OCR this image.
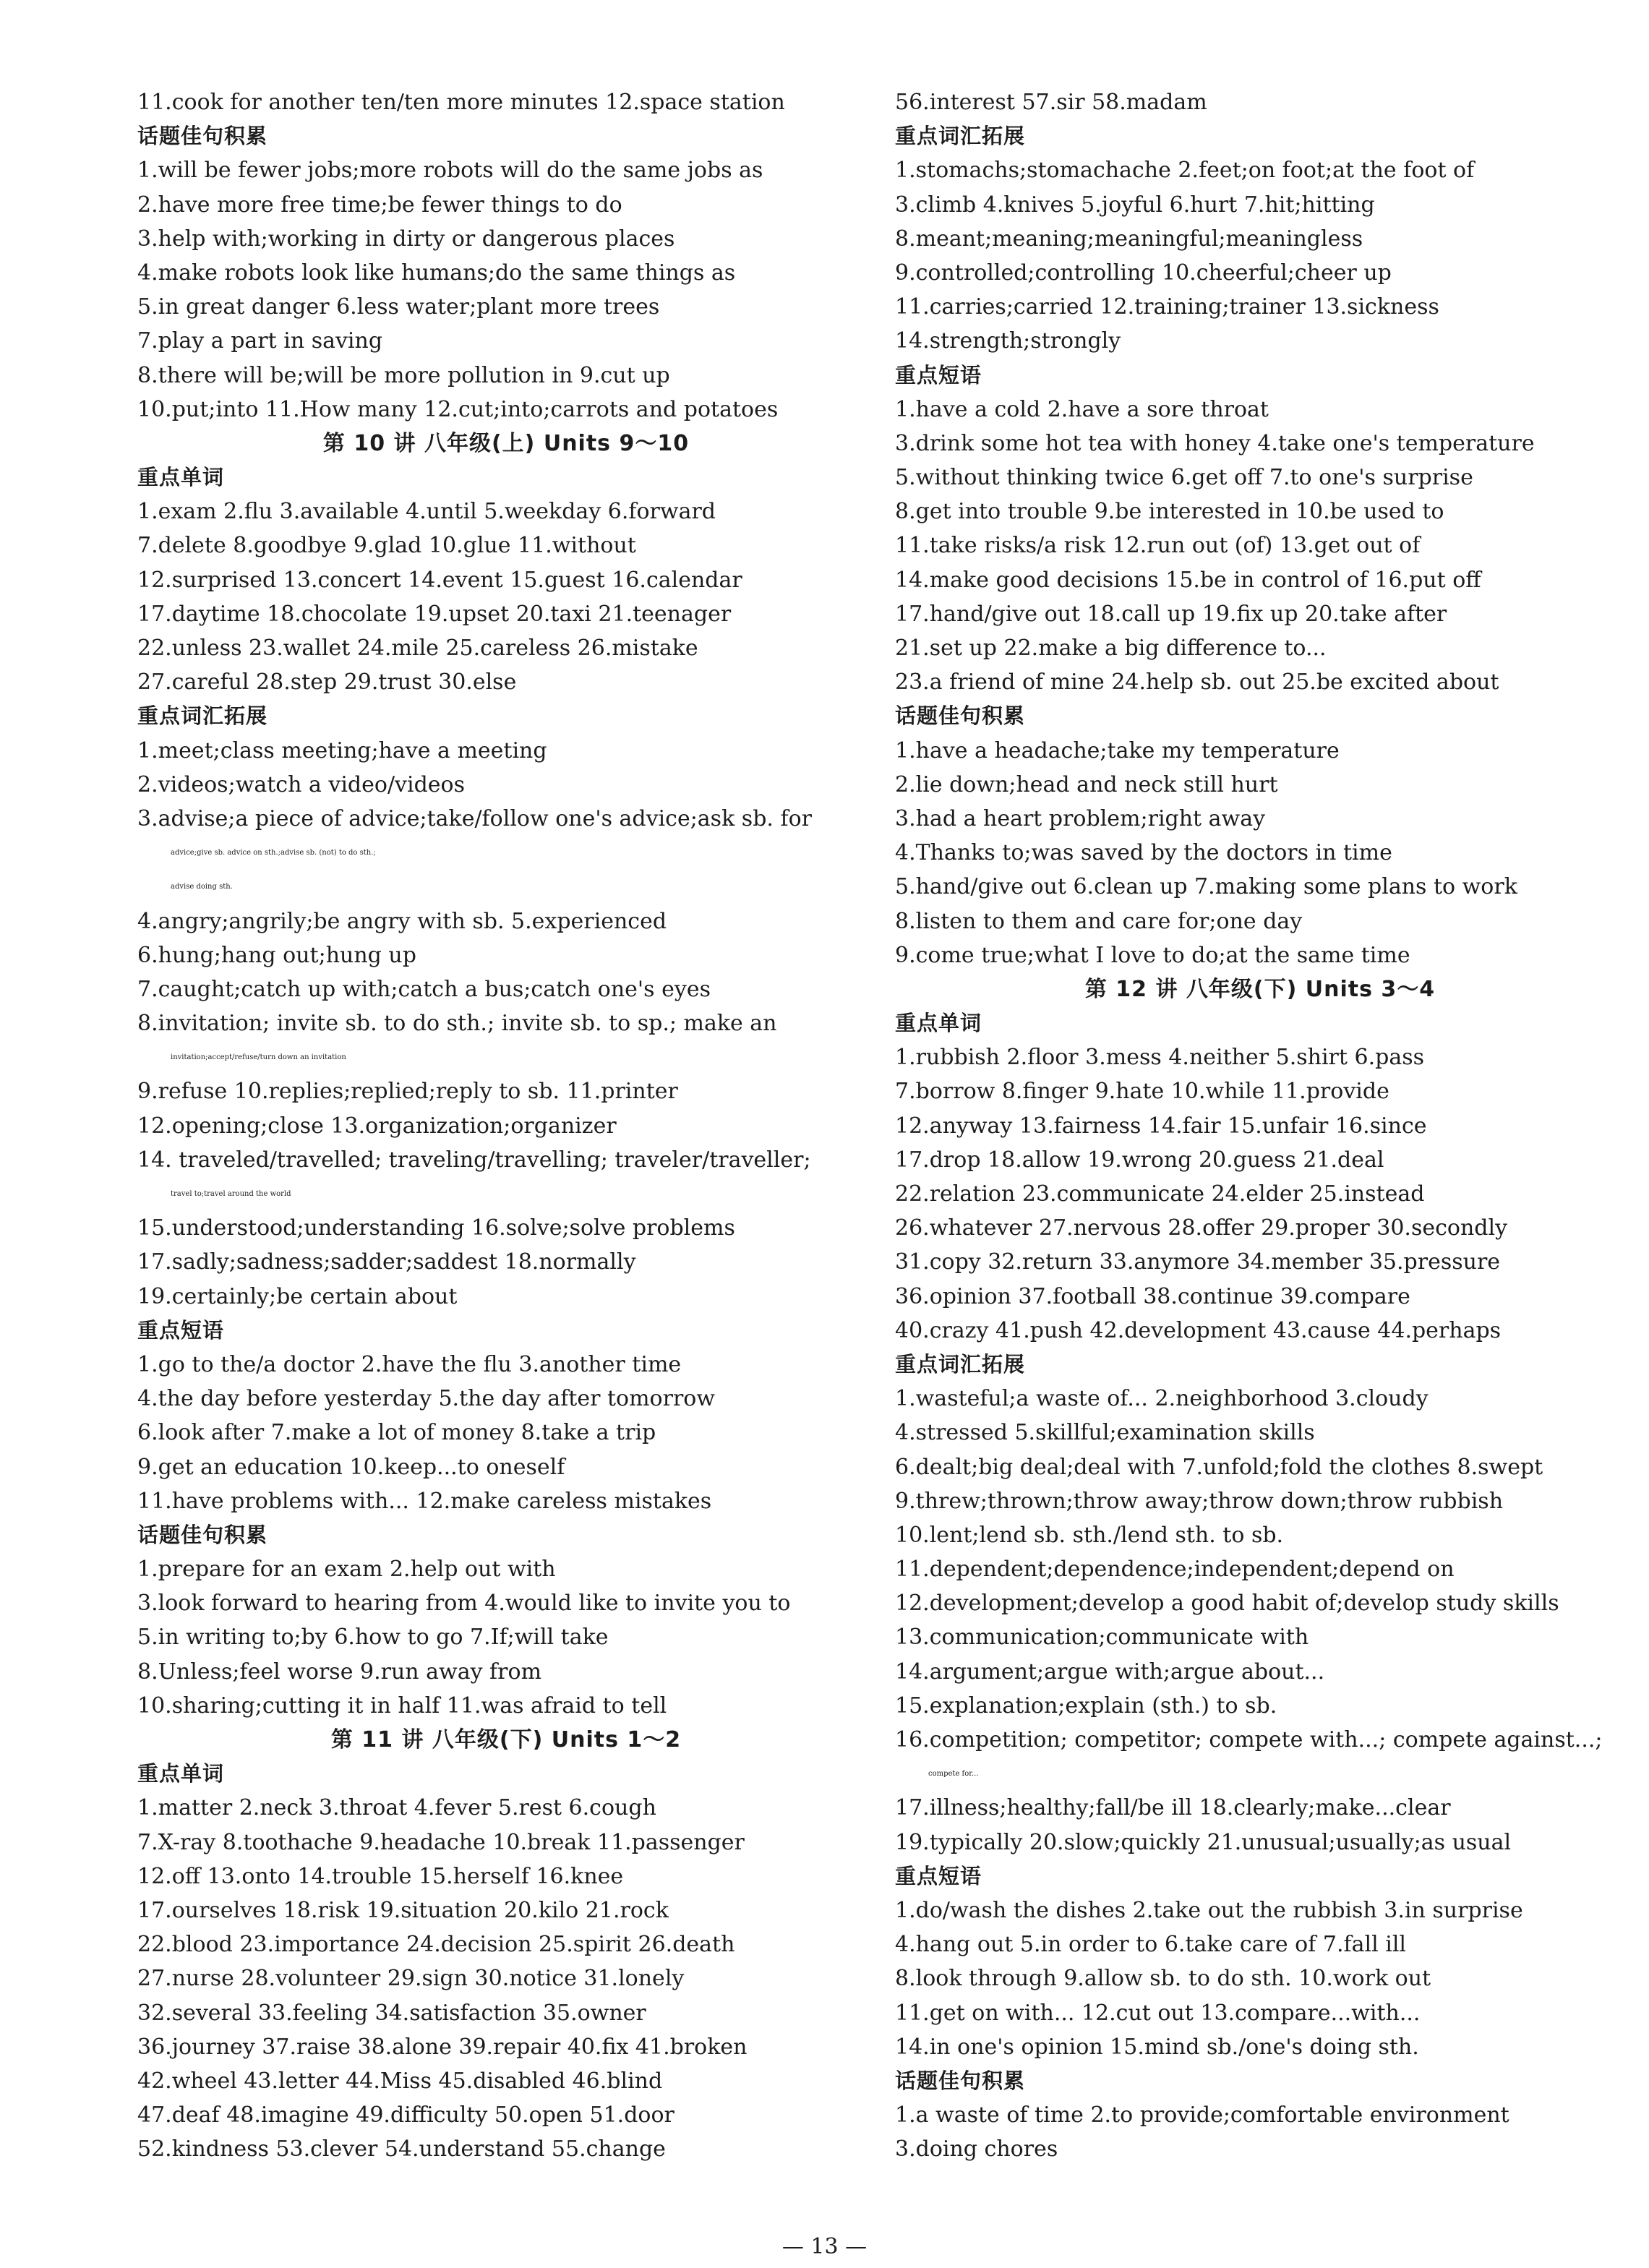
11.cook for another ten/ten more minutes 12.space station
话题佳句积累
1.will be fewer jobs;more robots will do the same jobs as
2.have more free time;be fewer things to do
3.help with;working in dirty or dangerous places
4.make robots look like humans;do the same things as
5.in great danger 6.less water;plant more trees
7.play a part in saving
8.there will be;will be more pollution in 9.cut up
10.put;into 11.How many 12.cut;into;carrots and potatoes
第 10 讲 八年级(上) Units 9～10
重点单词
1.exam 2.flu 3.available 4.until 5.weekday 6.forward
7.delete 8.goodbye 9.glad 10.glue 11.without
12.surprised 13.concert 14.event 15.guest 16.calendar
17.daytime 18.chocolate 19.upset 20.taxi 21.teenager
22.unless 23.wallet 24.mile 25.careless 26.mistake
27.careful 28.step 29.trust 30.else
重点词汇拓展
1.meet;class meeting;have a meeting
2.videos;watch a video/videos
3.advise;a piece of advice;take/follow one's advice;ask sb. for
advice;give sb. advice on sth.;advise sb. (not) to do sth.;
advise doing sth.
4.angry;angrily;be angry with sb. 5.experienced
6.hung;hang out;hung up
7.caught;catch up with;catch a bus;catch one's eyes
8.invitation; invite sb. to do sth.; invite sb. to sp.; make an
invitation;accept/refuse/turn down an invitation
9.refuse 10.replies;replied;reply to sb. 11.printer
12.opening;close 13.organization;organizer
14. traveled/travelled; traveling/travelling; traveler/traveller;
travel to;travel around the world
15.understood;understanding 16.solve;solve problems
17.sadly;sadness;sadder;saddest 18.normally
19.certainly;be certain about
重点短语
1.go to the/a doctor 2.have the flu 3.another time
4.the day before yesterday 5.the day after tomorrow
6.look after 7.make a lot of money 8.take a trip
9.get an education 10.keep...to oneself
11.have problems with... 12.make careless mistakes
话题佳句积累
1.prepare for an exam 2.help out with
3.look forward to hearing from 4.would like to invite you to
5.in writing to;by 6.how to go 7.If;will take
8.Unless;feel worse 9.run away from
10.sharing;cutting it in half 11.was afraid to tell
第 11 讲 八年级(下) Units 1～2
重点单词
1.matter 2.neck 3.throat 4.fever 5.rest 6.cough
7.X-ray 8.toothache 9.headache 10.break 11.passenger
12.off 13.onto 14.trouble 15.herself 16.knee
17.ourselves 18.risk 19.situation 20.kilo 21.rock
22.blood 23.importance 24.decision 25.spirit 26.death
27.nurse 28.volunteer 29.sign 30.notice 31.lonely
32.several 33.feeling 34.satisfaction 35.owner
36.journey 37.raise 38.alone 39.repair 40.fix 41.broken
42.wheel 43.letter 44.Miss 45.disabled 46.blind
47.deaf 48.imagine 49.difficulty 50.open 51.door
52.kindness 53.clever 54.understand 55.change
56.interest 57.sir 58.madam
重点词汇拓展
1.stomachs;stomachache 2.feet;on foot;at the foot of
3.climb 4.knives 5.joyful 6.hurt 7.hit;hitting
8.meant;meaning;meaningful;meaningless
9.controlled;controlling 10.cheerful;cheer up
11.carries;carried 12.training;trainer 13.sickness
14.strength;strongly
重点短语
1.have a cold 2.have a sore throat
3.drink some hot tea with honey 4.take one's temperature
5.without thinking twice 6.get off 7.to one's surprise
8.get into trouble 9.be interested in 10.be used to
11.take risks/a risk 12.run out (of) 13.get out of
14.make good decisions 15.be in control of 16.put off
17.hand/give out 18.call up 19.fix up 20.take after
21.set up 22.make a big difference to...
23.a friend of mine 24.help sb. out 25.be excited about
话题佳句积累
1.have a headache;take my temperature
2.lie down;head and neck still hurt
3.had a heart problem;right away
4.Thanks to;was saved by the doctors in time
5.hand/give out 6.clean up 7.making some plans to work
8.listen to them and care for;one day
9.come true;what I love to do;at the same time
第 12 讲 八年级(下) Units 3～4
重点单词
1.rubbish 2.floor 3.mess 4.neither 5.shirt 6.pass
7.borrow 8.finger 9.hate 10.while 11.provide
12.anyway 13.fairness 14.fair 15.unfair 16.since
17.drop 18.allow 19.wrong 20.guess 21.deal
22.relation 23.communicate 24.elder 25.instead
26.whatever 27.nervous 28.offer 29.proper 30.secondly
31.copy 32.return 33.anymore 34.member 35.pressure
36.opinion 37.football 38.continue 39.compare
40.crazy 41.push 42.development 43.cause 44.perhaps
重点词汇拓展
1.wasteful;a waste of... 2.neighborhood 3.cloudy
4.stressed 5.skillful;examination skills
6.dealt;big deal;deal with 7.unfold;fold the clothes 8.swept
9.threw;thrown;throw away;throw down;throw rubbish
10.lent;lend sb. sth./lend sth. to sb.
11.dependent;dependence;independent;depend on
12.development;develop a good habit of;develop study skills
13.communication;communicate with
14.argument;argue with;argue about...
15.explanation;explain (sth.) to sb.
16.competition; competitor; compete with...; compete against...;
compete for...
17.illness;healthy;fall/be ill 18.clearly;make...clear
19.typically 20.slow;quickly 21.unusual;usually;as usual
重点短语
1.do/wash the dishes 2.take out the rubbish 3.in surprise
4.hang out 5.in order to 6.take care of 7.fall ill
8.look through 9.allow sb. to do sth. 10.work out
11.get on with... 12.cut out 13.compare...with...
14.in one's opinion 15.mind sb./one's doing sth.
话题佳句积累
1.a waste of time 2.to provide;comfortable environment
3.doing chores
— 13 —
